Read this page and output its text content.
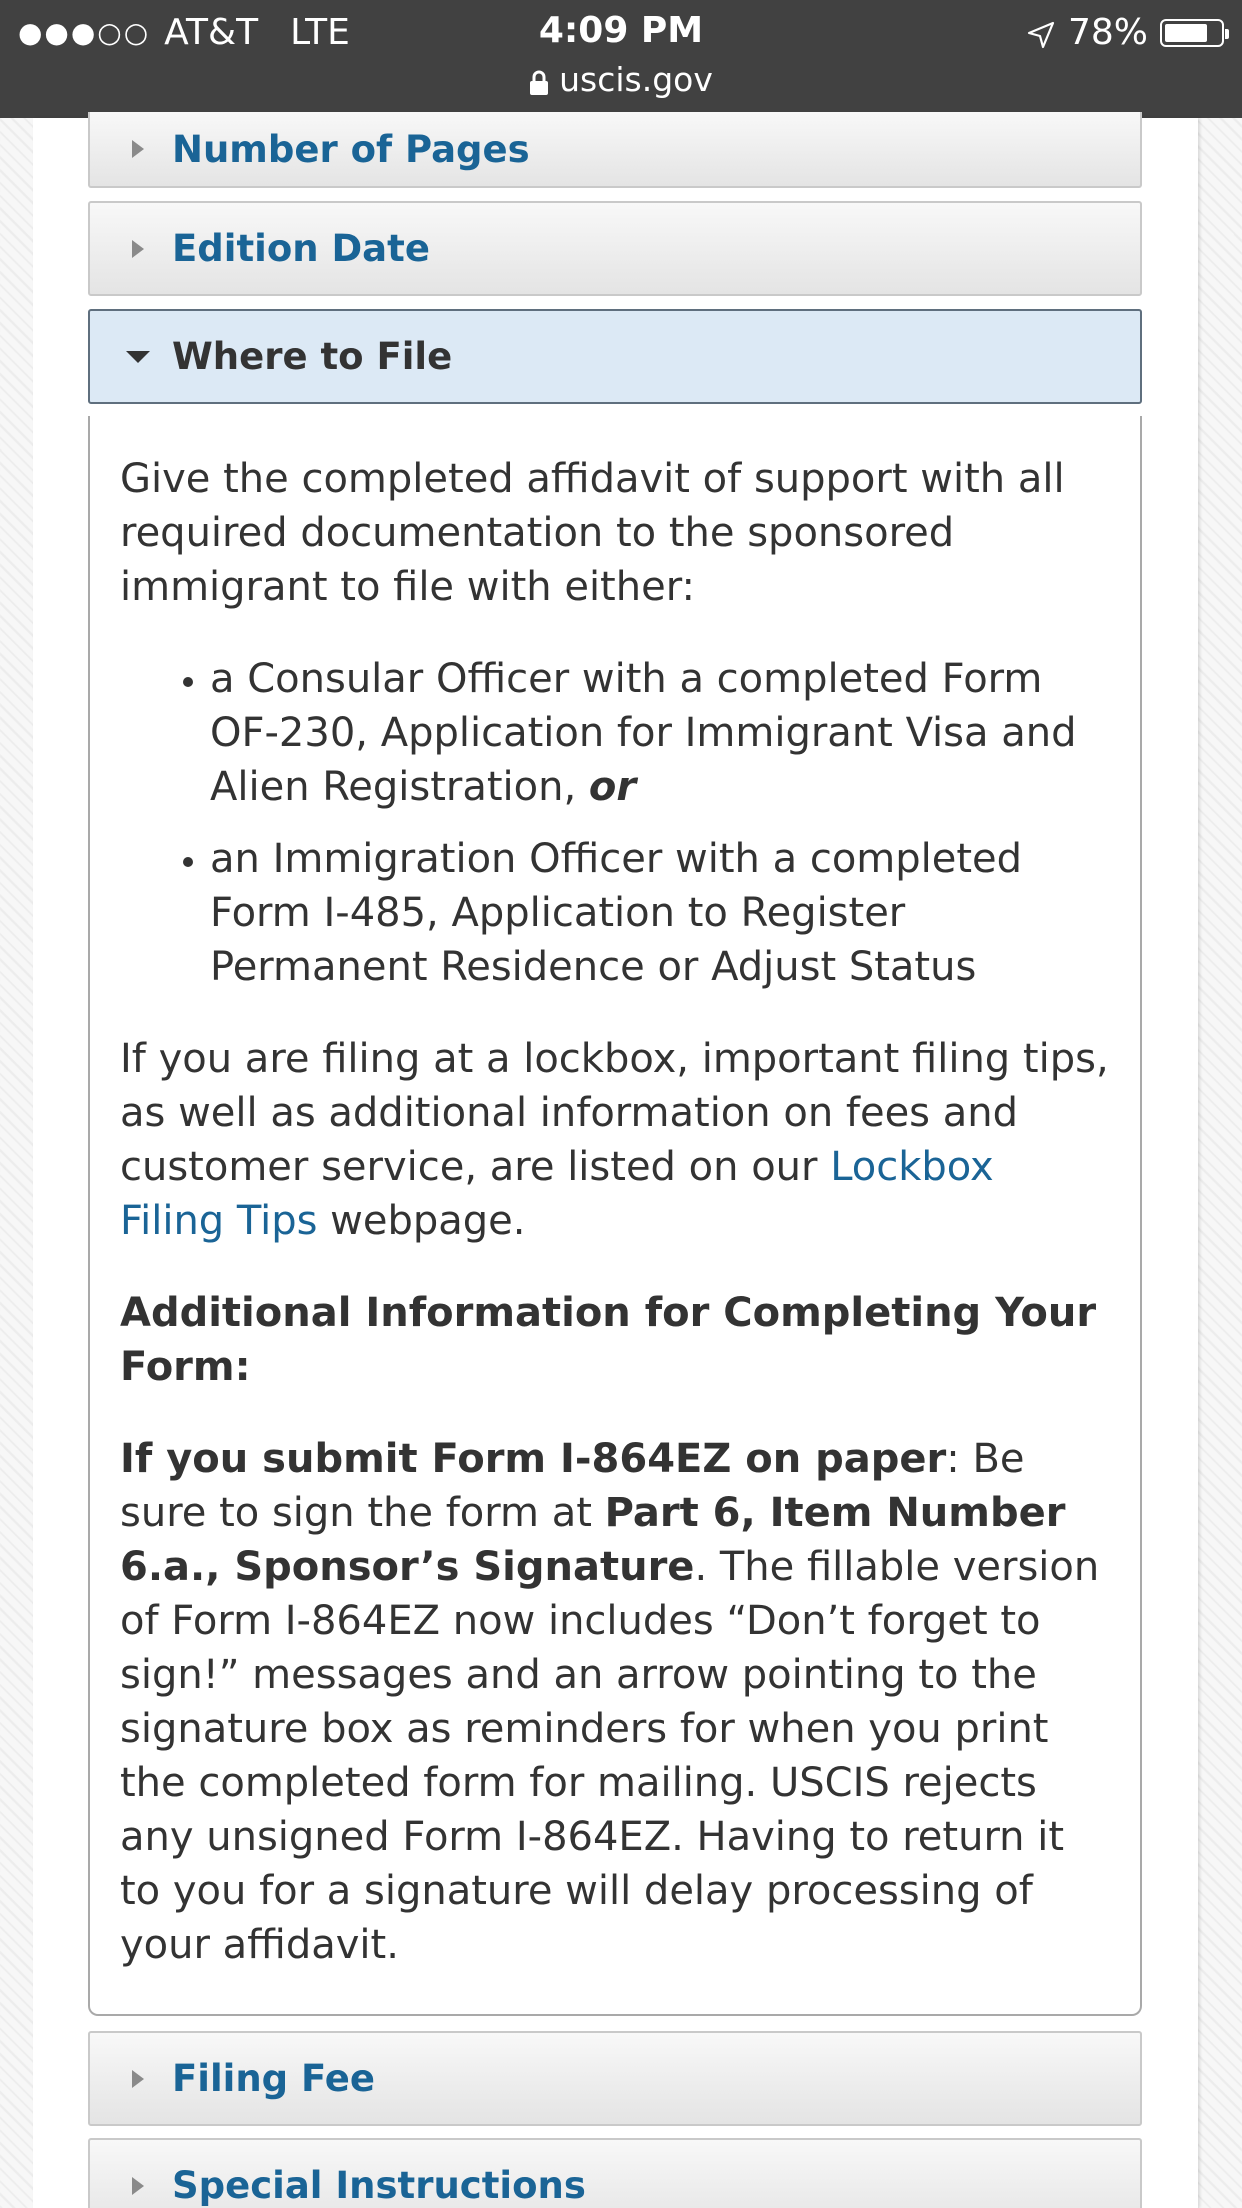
●●●○○ AT&T LTE	4:09 PM
uscis.gov
78%
Number of Pages
Edition Date
Where to File

Give the completed affidavit of support with all required documentation to the sponsored immigrant to file with either:

• a Consular Officer with a completed Form OF-230, Application for Immigrant Visa and Alien Registration, or
• an Immigration Officer with a completed Form I-485, Application to Register Permanent Residence or Adjust Status

If you are filing at a lockbox, important filing tips, as well as additional information on fees and customer service, are listed on our Lockbox Filing Tips webpage.

Additional Information for Completing Your Form:

If you submit Form I-864EZ on paper: Be sure to sign the form at Part 6, Item Number 6.a., Sponsor’s Signature. The fillable version of Form I-864EZ now includes “Don’t forget to sign!” messages and an arrow pointing to the signature box as reminders for when you print the completed form for mailing. USCIS rejects any unsigned Form I-864EZ. Having to return it to you for a signature will delay processing of your affidavit.

Filing Fee
Special Instructions
